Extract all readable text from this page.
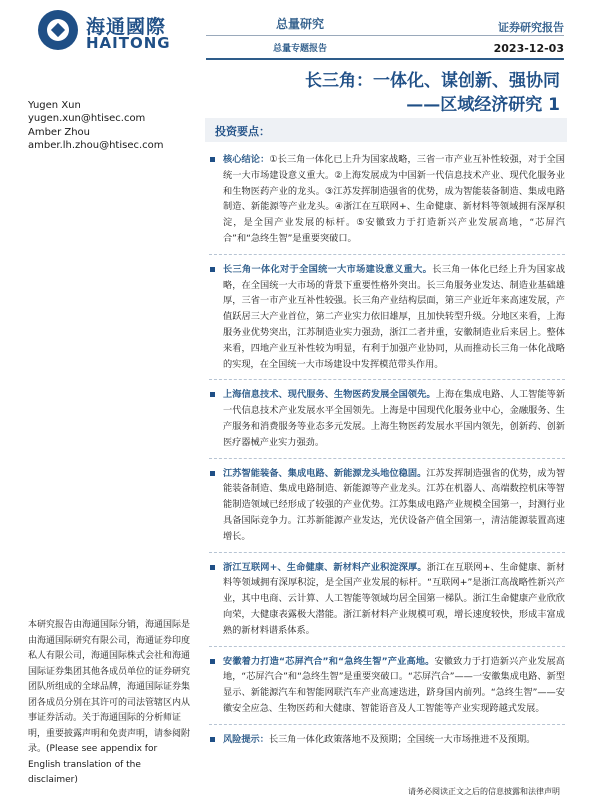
海通國際
HAITONG
总量研究
总量专题报告
证券研究报告
2023-12-03
长三角：一体化、谋创新、强协同
——区域经济研究 1
Yugen Xun
yugen.xun@htisec.com
Amber Zhou
amber.lh.zhou@htisec.com
投资要点：
核心结论：①长三角一体化已上升为国家战略，三省一市产业互补性较强，对于全国统一大市场建设意义重大。②上海发展成为中国新一代信息技术产业、现代化服务业和生物医药产业的龙头。③江苏发挥制造强省的优势，成为智能装备制造、集成电路制造、新能源等产业龙头。④浙江在互联网+、生命健康、新材料等领域拥有深厚积淀，是全国产业发展的标杆。⑤安徽致力于打造新兴产业发展高地，“芯屏汽合”和“急终生智”是重要突破口。
长三角一体化对于全国统一大市场建设意义重大。长三角一体化已经上升为国家战略，在全国统一大市场的背景下重要性格外突出。长三角服务业发达、制造业基础雄厚，三省一市产业互补性较强。长三角产业结构层面，第三产业近年来高速发展，产值跃居三大产业首位，第二产业实力依旧雄厚，且加快转型升级。分地区来看，上海服务业优势突出，江苏制造业实力强劲，浙江二者并重，安徽制造业后来居上。整体来看，四地产业互补性较为明显，有利于加强产业协同，从而推动长三角一体化战略的实现，在全国统一大市场建设中发挥模范带头作用。
上海信息技术、现代服务、生物医药发展全国领先。上海在集成电路、人工智能等新一代信息技术产业发展水平全国领先。上海是中国现代化服务业中心，金融服务、生产服务和消费服务等业态多元发展。上海生物医药发展水平国内领先，创新药、创新医疗器械产业实力强劲。
江苏智能装备、集成电路、新能源龙头地位稳固。江苏发挥制造强省的优势，成为智能装备制造、集成电路制造、新能源等产业龙头。江苏在机器人、高端数控机床等智能制造领域已经形成了较强的产业优势。江苏集成电路产业规模全国第一，封测行业具备国际竞争力。江苏新能源产业发达，光伏设备产值全国第一，清洁能源装置高速增长。
浙江互联网+、生命健康、新材料产业积淀深厚。浙江在互联网+、生命健康、新材料等领域拥有深厚积淀，是全国产业发展的标杆。“互联网+”是浙江高战略性新兴产业，其中电商、云计算、人工智能等领域均居全国第一梯队。浙江生命健康产业欣欣向荣，大健康表露极大潜能。浙江新材料产业规模可观，增长速度较快，形成丰富成熟的新材料谱系体系。
安徽着力打造“芯屏汽合”和“急终生智”产业高地。安徽致力于打造新兴产业发展高地，“芯屏汽合”和“急终生智”是重要突破口。“芯屏汽合”——一安徽集成电路、新型显示、新能源汽车和智能网联汽车产业高速迭进，跻身国内前列。“急终生智”——安徽安全应急、生物医药和大健康、智能语音及人工智能等产业实现跨越式发展。
风险提示：长三角一体化政策落地不及预期；全国统一大市场推进不及预期。
本研究报告由海通国际分销，海通国际是由海通国际研究有限公司，海通证券印度私人有限公司，海通国际株式会社和海通国际证券集团其他各成员单位的证券研究团队所组成的全球品牌，海通国际证券集团各成员分别在其许可的司法管辖区内从事证券活动。关于海通国际的分析师证明，重要披露声明和免责声明，请参阅附录。(Please see appendix for English translation of the disclaimer)
请务必阅读正文之后的信息披露和法律声明
